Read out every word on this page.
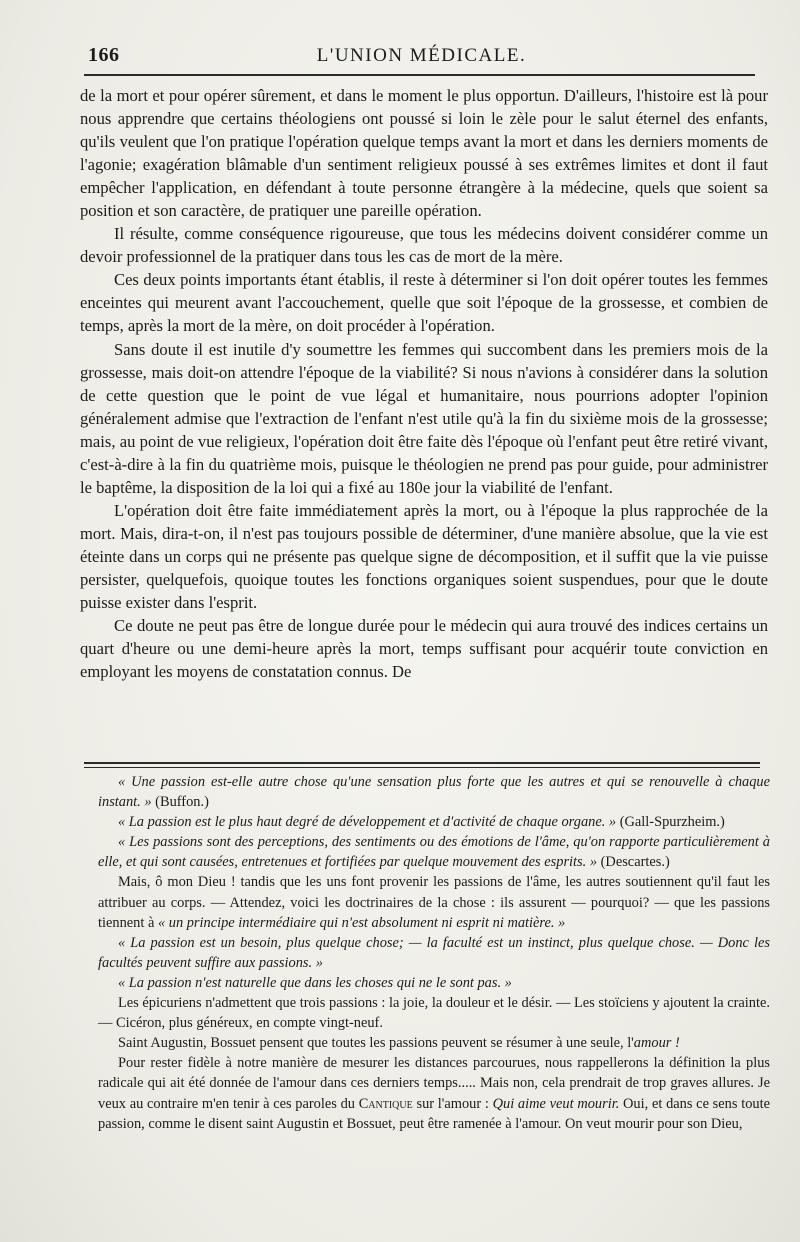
166	L'UNION MÉDICALE.

de la mort et pour opérer sûrement, et dans le moment le plus opportun. D'ailleurs, l'histoire est là pour nous apprendre que certains théologiens ont poussé si loin le zèle pour le salut éternel des enfants, qu'ils veulent que l'on pratique l'opération quelque temps avant la mort et dans les derniers moments de l'agonie; exagération blâmable d'un sentiment religieux poussé à ses extrêmes limites et dont il faut empêcher l'application, en défendant à toute personne étrangère à la médecine, quels que soient sa position et son caractère, de pratiquer une pareille opération.

Il résulte, comme conséquence rigoureuse, que tous les médecins doivent considérer comme un devoir professionnel de la pratiquer dans tous les cas de mort de la mère.

Ces deux points importants étant établis, il reste à déterminer si l'on doit opérer toutes les femmes enceintes qui meurent avant l'accouchement, quelle que soit l'époque de la grossesse, et combien de temps, après la mort de la mère, on doit procéder à l'opération.

Sans doute il est inutile d'y soumettre les femmes qui succombent dans les premiers mois de la grossesse, mais doit-on attendre l'époque de la viabilité? Si nous n'avions à considérer dans la solution de cette question que le point de vue légal et humanitaire, nous pourrions adopter l'opinion généralement admise que l'extraction de l'enfant n'est utile qu'à la fin du sixième mois de la grossesse; mais, au point de vue religieux, l'opération doit être faite dès l'époque où l'enfant peut être retiré vivant, c'est-à-dire à la fin du quatrième mois, puisque le théologien ne prend pas pour guide, pour administrer le baptême, la disposition de la loi qui a fixé au 180e jour la viabilité de l'enfant.

L'opération doit être faite immédiatement après la mort, ou à l'époque la plus rapprochée de la mort. Mais, dira-t-on, il n'est pas toujours possible de déterminer, d'une manière absolue, que la vie est éteinte dans un corps qui ne présente pas quelque signe de décomposition, et il suffit que la vie puisse persister, quelquefois, quoique toutes les fonctions organiques soient suspendues, pour que le doute puisse exister dans l'esprit.

Ce doute ne peut pas être de longue durée pour le médecin qui aura trouvé des indices certains un quart d'heure ou une demi-heure après la mort, temps suffisant pour acquérir toute conviction en employant les moyens de constatation connus. De

« Une passion est-elle autre chose qu'une sensation plus forte que les autres et qui se renouvelle à chaque instant. » (Buffon.)

« La passion est le plus haut degré de développement et d'activité de chaque organe. » (Gall-Spurzheim.)

« Les passions sont des perceptions, des sentiments ou des émotions de l'âme, qu'on rapporte particulièrement à elle, et qui sont causées, entretenues et fortifiées par quelque mouvement des esprits. » (Descartes.)

Mais, ô mon Dieu ! tandis que les uns font provenir les passions de l'âme, les autres soutiennent qu'il faut les attribuer au corps. — Attendez, voici les doctrinaires de la chose : ils assurent — pourquoi? — que les passions tiennent à « un principe intermédiaire qui n'est absolument ni esprit ni matière. »

« La passion est un besoin, plus quelque chose; — la faculté est un instinct, plus quelque chose. — Donc les facultés peuvent suffire aux passions. »

« La passion n'est naturelle que dans les choses qui ne le sont pas. »

Les épicuriens n'admettent que trois passions : la joie, la douleur et le désir. — Les stoïciens y ajoutent la crainte. — Cicéron, plus généreux, en compte vingt-neuf.

Saint Augustin, Bossuet pensent que toutes les passions peuvent se résumer à une seule, l'amour !

Pour rester fidèle à notre manière de mesurer les distances parcourues, nous rappellerons la définition la plus radicale qui ait été donnée de l'amour dans ces derniers temps..... Mais non, cela prendrait de trop graves allures. Je veux au contraire m'en tenir à ces paroles du Cantique sur l'amour : Qui aime veut mourir. Oui, et dans ce sens toute passion, comme le disent saint Augustin et Bossuet, peut être ramenée à l'amour. On veut mourir pour son Dieu,
